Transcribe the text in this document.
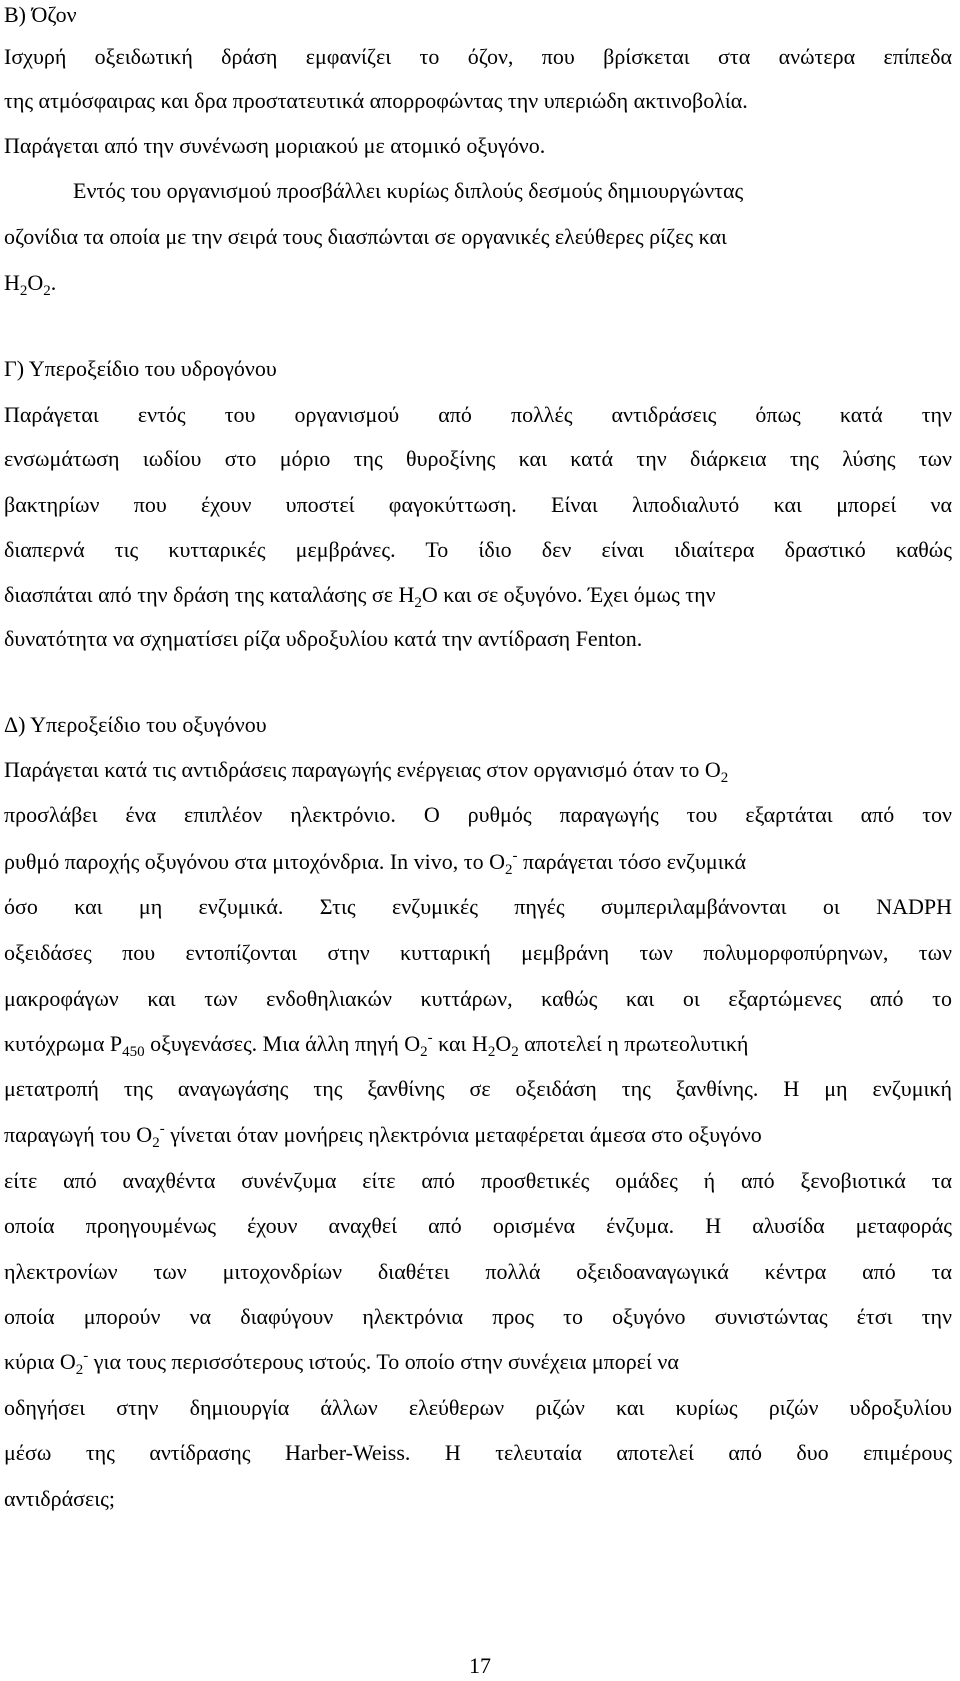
Β) Όζον
Ισχυρή οξειδωτική δράση εμφανίζει το όζον, που βρίσκεται στα ανώτερα επίπεδα
της ατμόσφαιρας και δρα προστατευτικά απορροφώντας την υπεριώδη ακτινοβολία.
Παράγεται από την συνένωση μοριακού με ατομικό οξυγόνο.
Εντός του οργανισμού προσβάλλει κυρίως διπλούς δεσμούς δημιουργώντας
οζονίδια τα οποία με την σειρά τους διασπώνται σε οργανικές ελεύθερες ρίζες και
$H_2O_2$.
Γ) Υπεροξείδιο του υδρογόνου
Παράγεται εντός του οργανισμού από πολλές αντιδράσεις όπως κατά την
ενσωμάτωση ιωδίου στο μόριο της θυροξίνης και κατά την διάρκεια της λύσης των
βακτηρίων που έχουν υποστεί φαγοκύττωση. Είναι λιποδιαλυτό και μπορεί να
διαπερνά τις κυτταρικές μεμβράνες. Το ίδιο δεν είναι ιδιαίτερα δραστικό καθώς
διασπάται από την δράση της καταλάσης σε $H_2O$ και σε οξυγόνο. Έχει όμως την
δυνατότητα να σχηματίσει ρίζα υδροξυλίου κατά την αντίδραση Fenton.
Δ) Υπεροξείδιο του οξυγόνου
Παράγεται κατά τις αντιδράσεις παραγωγής ενέργειας στον οργανισμό όταν το $O_2$
προσλάβει ένα επιπλέον ηλεκτρόνιο. Ο ρυθμός παραγωγής του εξαρτάται από τον
ρυθμό παροχής οξυγόνου στα μιτοχόνδρια. In vivo, το $O_2^-$ παράγεται τόσο ενζυμικά
όσο και μη ενζυμικά. Στις ενζυμικές πηγές συμπεριλαμβάνονται οι NADPH
οξειδάσες που εντοπίζονται στην κυτταρική μεμβράνη των πολυμορφοπύρηνων, των
μακροφάγων και των ενδοθηλιακών κυττάρων, καθώς και οι εξαρτώμενες από το
κυτόχρωμα $P_{450}$ οξυγενάσες. Μια άλλη πηγή $O_2^-$ και $H_2O_2$ αποτελεί η πρωτεολυτική
μετατροπή της αναγωγάσης της ξανθίνης σε οξειδάση της ξανθίνης. Η μη ενζυμική
παραγωγή του $O_2^-$ γίνεται όταν μονήρεις ηλεκτρόνια μεταφέρεται άμεσα στο οξυγόνο
είτε από αναχθέντα συνένζυμα είτε από προσθετικές ομάδες ή από ξενοβιοτικά τα
οποία προηγουμένως έχουν αναχθεί από ορισμένα ένζυμα. Η αλυσίδα μεταφοράς
ηλεκτρονίων των μιτοχονδρίων διαθέτει πολλά οξειδοαναγωγικά κέντρα από τα
οποία μπορούν να διαφύγουν ηλεκτρόνια προς το οξυγόνο συνιστώντας έτσι την
κύρια $O_2^-$ για τους περισσότερους ιστούς. Το οποίο στην συνέχεια μπορεί να
οδηγήσει στην δημιουργία άλλων ελεύθερων ριζών και κυρίως ριζών υδροξυλίου
μέσω της αντίδρασης Harber-Weiss. Η τελευταία αποτελεί από δυο επιμέρους
αντιδράσεις;
17
